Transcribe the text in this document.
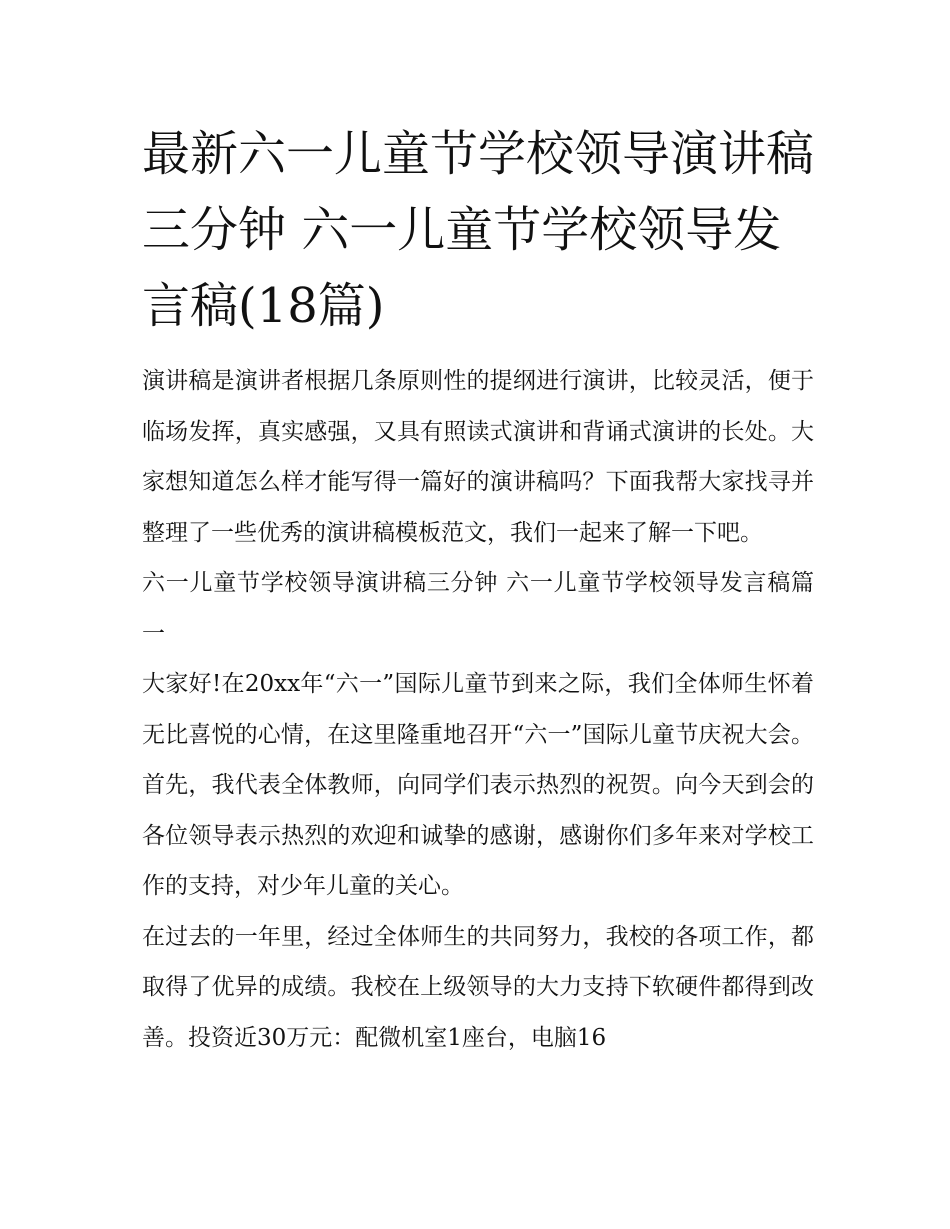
最新六一儿童节学校领导演讲稿三分钟 六一儿童节学校领导发言稿(18篇)

演讲稿是演讲者根据几条原则性的提纲进行演讲，比较灵活，便于临场发挥，真实感强，又具有照读式演讲和背诵式演讲的长处。大家想知道怎么样才能写得一篇好的演讲稿吗？下面我帮大家找寻并整理了一些优秀的演讲稿模板范文，我们一起来了解一下吧。

六一儿童节学校领导演讲稿三分钟 六一儿童节学校领导发言稿篇一

大家好!在20xx年“六一”国际儿童节到来之际，我们全体师生怀着无比喜悦的心情，在这里隆重地召开“六一”国际儿童节庆祝大会。首先，我代表全体教师，向同学们表示热烈的祝贺。向今天到会的各位领导表示热烈的欢迎和诚挚的感谢，感谢你们多年来对学校工作的支持，对少年儿童的关心。

在过去的一年里，经过全体师生的共同努力，我校的各项工作，都取得了优异的成绩。我校在上级领导的大力支持下软硬件都得到改善。投资近30万元：配微机室1座台，电脑16
